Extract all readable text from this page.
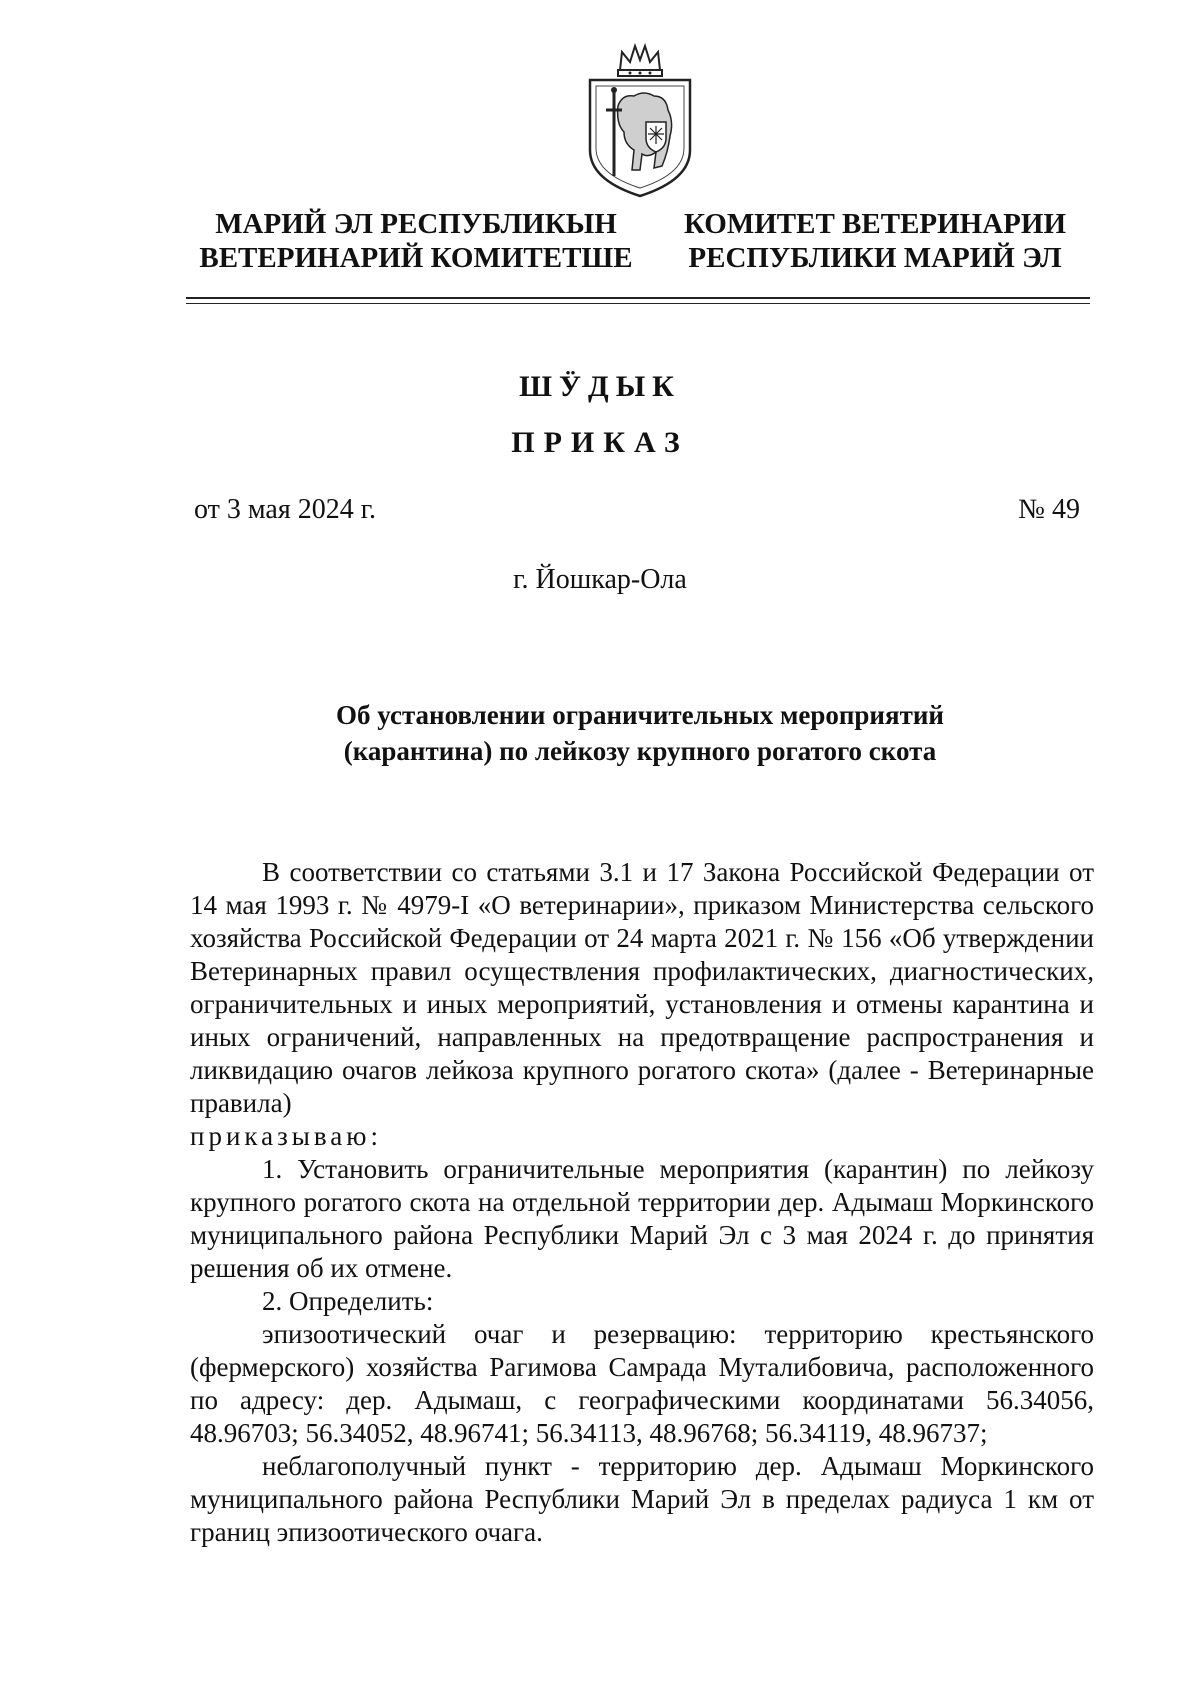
МАРИЙ ЭЛ РЕСПУБЛИКЫН
ВЕТЕРИНАРИЙ КОМИТЕТШЕ
КОМИТЕТ ВЕТЕРИНАРИИ
РЕСПУБЛИКИ МАРИЙ ЭЛ
ШӰДЫК
ПРИКАЗ
от 3 мая 2024 г.	№ 49
г. Йошкар-Ола
Об установлении ограничительных мероприятий
(карантина) по лейкозу крупного рогатого скота

В соответствии со статьями 3.1 и 17 Закона Российской Федерации от 14 мая 1993 г. № 4979-I «О ветеринарии», приказом Министерства сельского хозяйства Российской Федерации от 24 марта 2021 г. № 156 «Об утверждении Ветеринарных правил осуществления профилактических, диагностических, ограничительных и иных мероприятий, установления и отмены карантина и иных ограничений, направленных на предотвращение распространения и ликвидацию очагов лейкоза крупного рогатого скота» (далее - Ветеринарные правила)

приказываю:

1. Установить ограничительные мероприятия (карантин) по лейкозу крупного рогатого скота на отдельной территории дер. Адымаш Моркинского муниципального района Республики Марий Эл с 3 мая 2024 г. до принятия решения об их отмене.

2. Определить:

эпизоотический очаг и резервацию: территорию крестьянского (фермерского) хозяйства Рагимова Самрада Муталибовича, расположенного по адресу: дер. Адымаш, с географическими координатами 56.34056, 48.96703; 56.34052, 48.96741; 56.34113, 48.96768; 56.34119, 48.96737;

неблагополучный пункт - территорию дер. Адымаш Моркинского муниципального района Республики Марий Эл в пределах радиуса 1 км от границ эпизоотического очага.
